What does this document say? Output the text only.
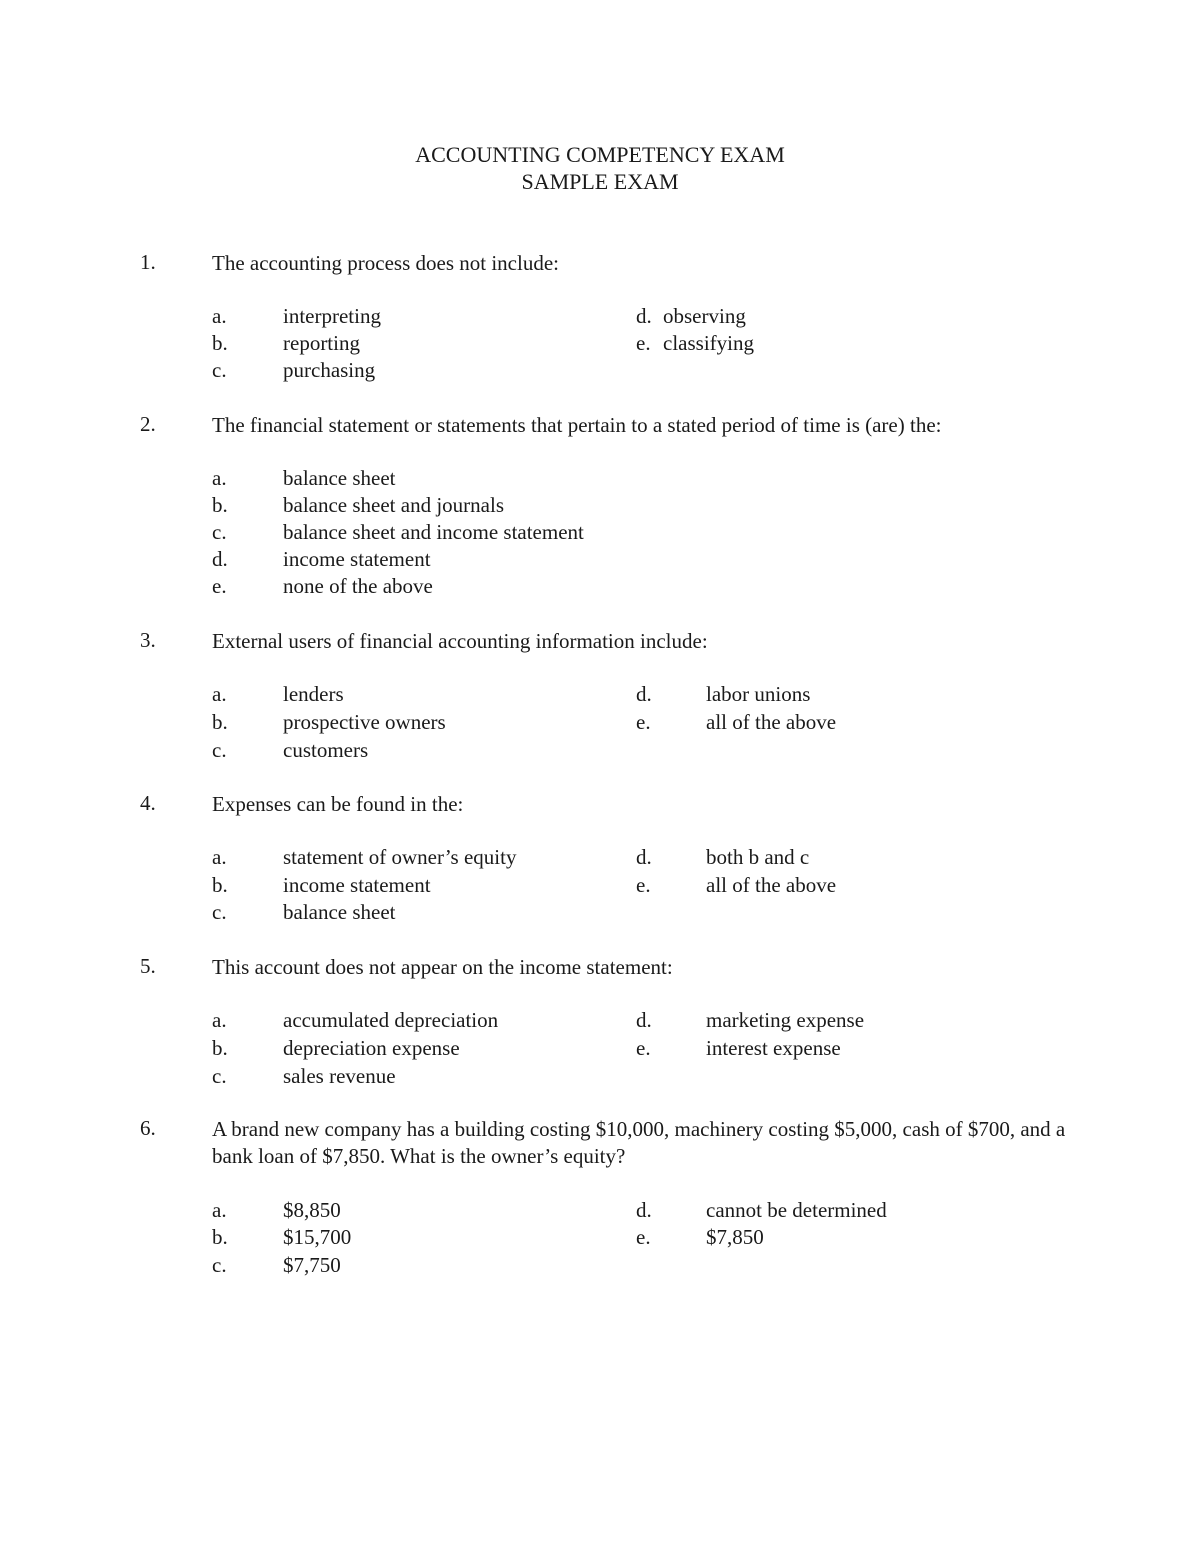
ACCOUNTING COMPETENCY EXAM
SAMPLE EXAM
1.	The accounting process does not include:
a.	interpreting
b.	reporting
c.	purchasing
d. observing
e. classifying
2.	The financial statement or statements that pertain to a stated period of time is (are) the:
a.	balance sheet
b.	balance sheet and journals
c.	balance sheet and income statement
d.	income statement
e.	none of the above
3.	External users of financial accounting information include:
a.	lenders
b.	prospective owners
c.	customers
d.	labor unions
e.	all of the above
4.	Expenses can be found in the:
a.	statement of owner’s equity
b.	income statement
c.	balance sheet
d.	both b and c
e.	all of the above
5.	This account does not appear on the income statement:
a.	accumulated depreciation
b.	depreciation expense
c.	sales revenue
d.	marketing expense
e.	interest expense
6.	A brand new company has a building costing $10,000, machinery costing $5,000, cash of $700, and a bank loan of $7,850. What is the owner’s equity?
a.	$8,850
b.	$15,700
c.	$7,750
d.	cannot be determined
e.	$7,850
